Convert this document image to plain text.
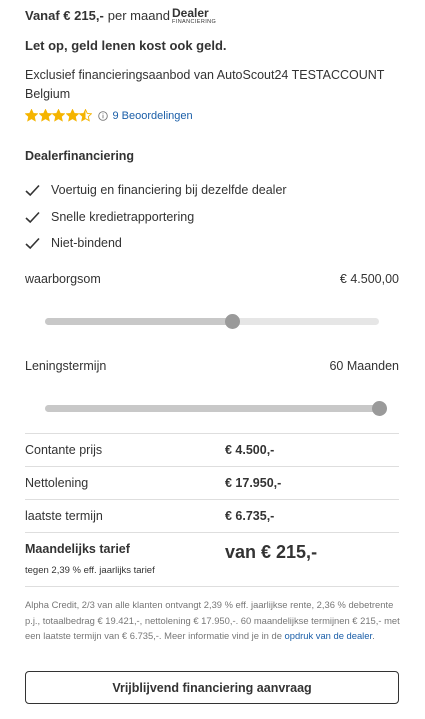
Vanaf € 215,- per maand Dealer
FINANCIERING
Let op, geld lenen kost ook geld.
Exclusief financieringsaanbod van AutoScout24 TESTACCOUNT Belgium
9 Beoordelingen
Dealerfinanciering
Voertuig en financiering bij dezelfde dealer
Snelle kredietrapportering
Niet-bindend
waarborgsom	€ 4.500,00
Leningstermijn	60 Maanden
Contante prijs	€ 4.500,-
Nettolening	€ 17.950,-
laatste termijn	€ 6.735,-
Maandelijks tarief
tegen 2,39 % eff. jaarlijks tarief
van € 215,-
Alpha Credit, 2/3 van alle klanten ontvangt 2,39 % eff. jaarlijkse rente, 2,36 % debetrente p.j., totaalbedrag € 19.421,-, nettolening € 17.950,-. 60 maandelijkse termijnen € 215,- met een laatste termijn van € 6.735,-. Meer informatie vind je in de opdruk van de dealer.
Vrijblijvend financiering aanvraag
